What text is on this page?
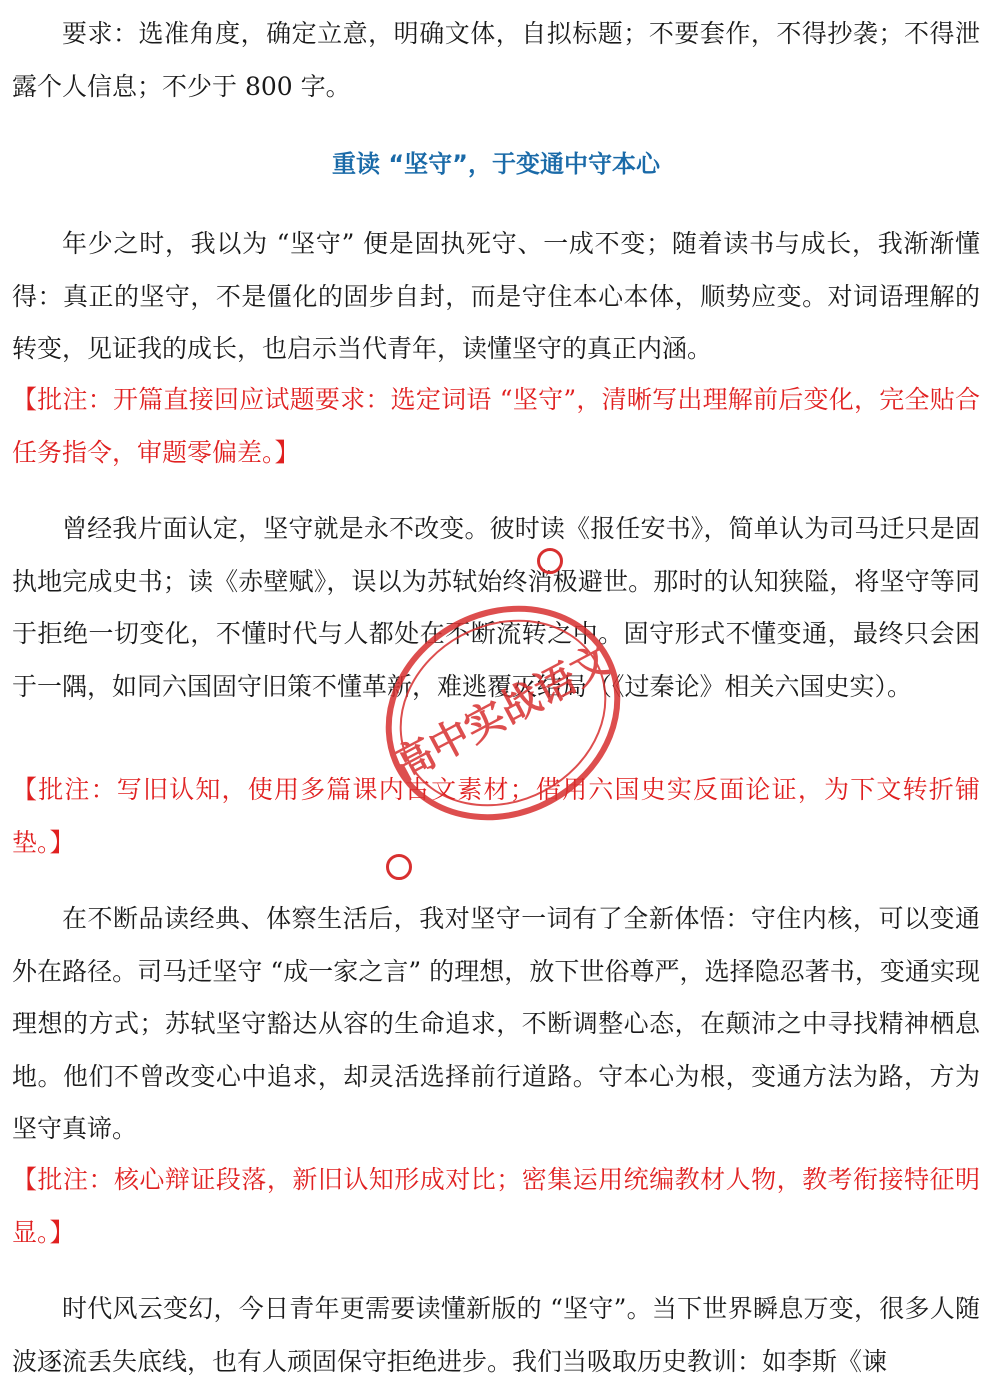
要求：选准角度，确定立意，明确文体，自拟标题；不要套作，不得抄袭；不得泄露个人信息；不少于 800 字。

重读 “坚守”，于变通中守本心

年少之时，我以为 “坚守” 便是固执死守、一成不变；随着读书与成长，我渐渐懂得：真正的坚守，不是僵化的固步自封，而是守住本心本体，顺势应变。对词语理解的转变，见证我的成长，也启示当代青年，读懂坚守的真正内涵。

【批注：开篇直接回应试题要求：选定词语 “坚守”，清晰写出理解前后变化，完全贴合任务指令，审题零偏差。】

曾经我片面认定，坚守就是永不改变。彼时读《报任安书》，简单认为司马迁只是固执地完成史书；读《赤壁赋》，误以为苏轼始终消极避世。那时的认知狭隘，将坚守等同于拒绝一切变化，不懂时代与人都处在不断流转之中。固守形式不懂变通，最终只会困于一隅，如同六国固守旧策不懂革新，难逃覆灭结局（《过秦论》相关六国史实）。

【批注：写旧认知，使用多篇课内古文素材；借用六国史实反面论证，为下文转折铺垫。】

在不断品读经典、体察生活后，我对坚守一词有了全新体悟：守住内核，可以变通外在路径。司马迁坚守 “成一家之言” 的理想，放下世俗尊严，选择隐忍著书，变通实现理想的方式；苏轼坚守豁达从容的生命追求，不断调整心态，在颠沛之中寻找精神栖息地。他们不曾改变心中追求，却灵活选择前行道路。守本心为根，变通方法为路，方为坚守真谛。

【批注：核心辩证段落，新旧认知形成对比；密集运用统编教材人物，教考衔接特征明显。】

时代风云变幻，今日青年更需要读懂新版的 “坚守”。当下世界瞬息万变，很多人随波逐流丢失底线，也有人顽固保守拒绝进步。我们当吸取历史教训：如李斯《谏

高中实战语文
